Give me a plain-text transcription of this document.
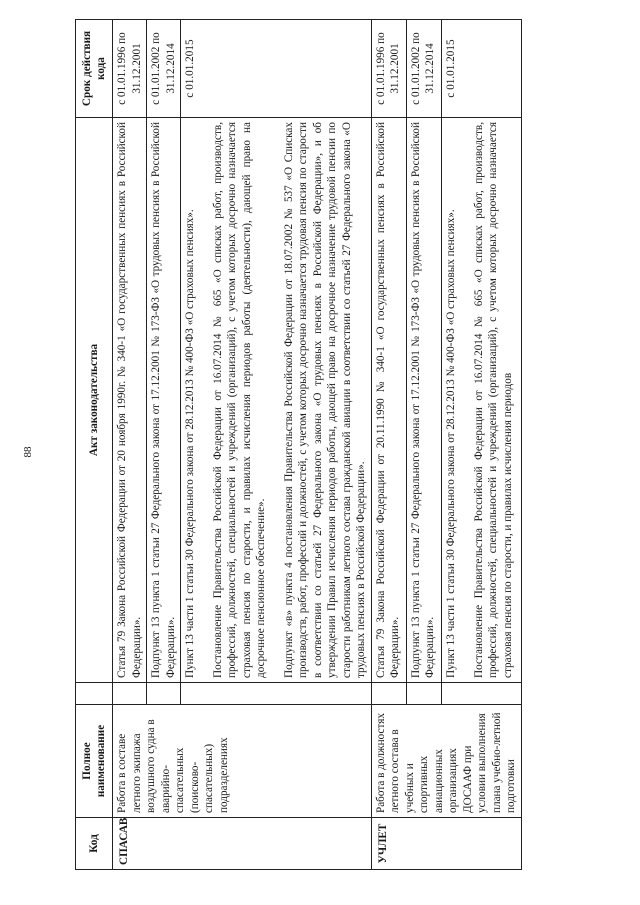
88
Код	Полное наименование		Акт законодательства	Срок действия кода
СПАСАВ	Работа в составе летного экипажа воздушного судна в аварийно-спасательных (поисково-спасательных) подразделениях		Статья 79 Закона Российской Федерации от 20 ноября 1990г. № 340-1 «О государственных пенсиях в Российской Федерации».	с 01.01.1996 по 31.12.2001

			Подпункт 13 пункта 1 статьи 27 Федерального закона от 17.12.2001 № 173-ФЗ «О трудовых пенсиях в Российской Федерации».	с 01.01.2002 по 31.12.2014

			Пункт 13 части 1 статьи 30 Федерального закона от 28.12.2013 № 400-ФЗ «О страховых пенсиях». Постановление Правительства Российской Федерации от 16.07.2014 № 665 «О списках работ, производств, профессий, должностей, специальностей и учреждений (организаций), с учетом которых досрочно назначается страховая пенсия по старости, и правилах исчисления периодов работы (деятельности), дающей право на досрочное пенсионное обеспечение». Подпункт «в» пункта 4 постановления Правительства Российской Федерации от 18.07.2002 № 537 «О Списках производств, работ, профессий и должностей, с учетом которых досрочно назначается трудовая пенсия по старости в соответствии со статьей 27 Федерального закона «О трудовых пенсиях в Российской Федерации», и об утверждении Правил исчисления периодов работы, дающей право на досрочное назначение трудовой пенсии по старости работникам летного состава гражданской авиации в соответствии со статьей 27 Федерального закона «О трудовых пенсиях в Российской Федерации».	с 01.01.2015
УЧЛЕТ	Работа в должностях летного состава в учебных и спортивных авиационных организациях ДОСААФ при условии выполнения плана учебно-летной подготовки		Статья 79 Закона Российской Федерации от 20.11.1990 № 340-1 «О государственных пенсиях в Российской Федерации».	с 01.01.1996 по 31.12.2001

			Подпункт 13 пункта 1 статьи 27 Федерального закона от 17.12.2001 № 173-ФЗ «О трудовых пенсиях в Российской Федерации».	с 01.01.2002 по 31.12.2014

			Пункт 13 части 1 статьи 30 Федерального закона от 28.12.2013 № 400-ФЗ «О страховых пенсиях». Постановление Правительства Российской Федерации от 16.07.2014 № 665 «О списках работ, производств, профессий, должностей, специальностей и учреждений (организаций), с учетом которых досрочно назначается страховая пенсия по старости, и правилах исчисления периодов	с 01.01.2015
